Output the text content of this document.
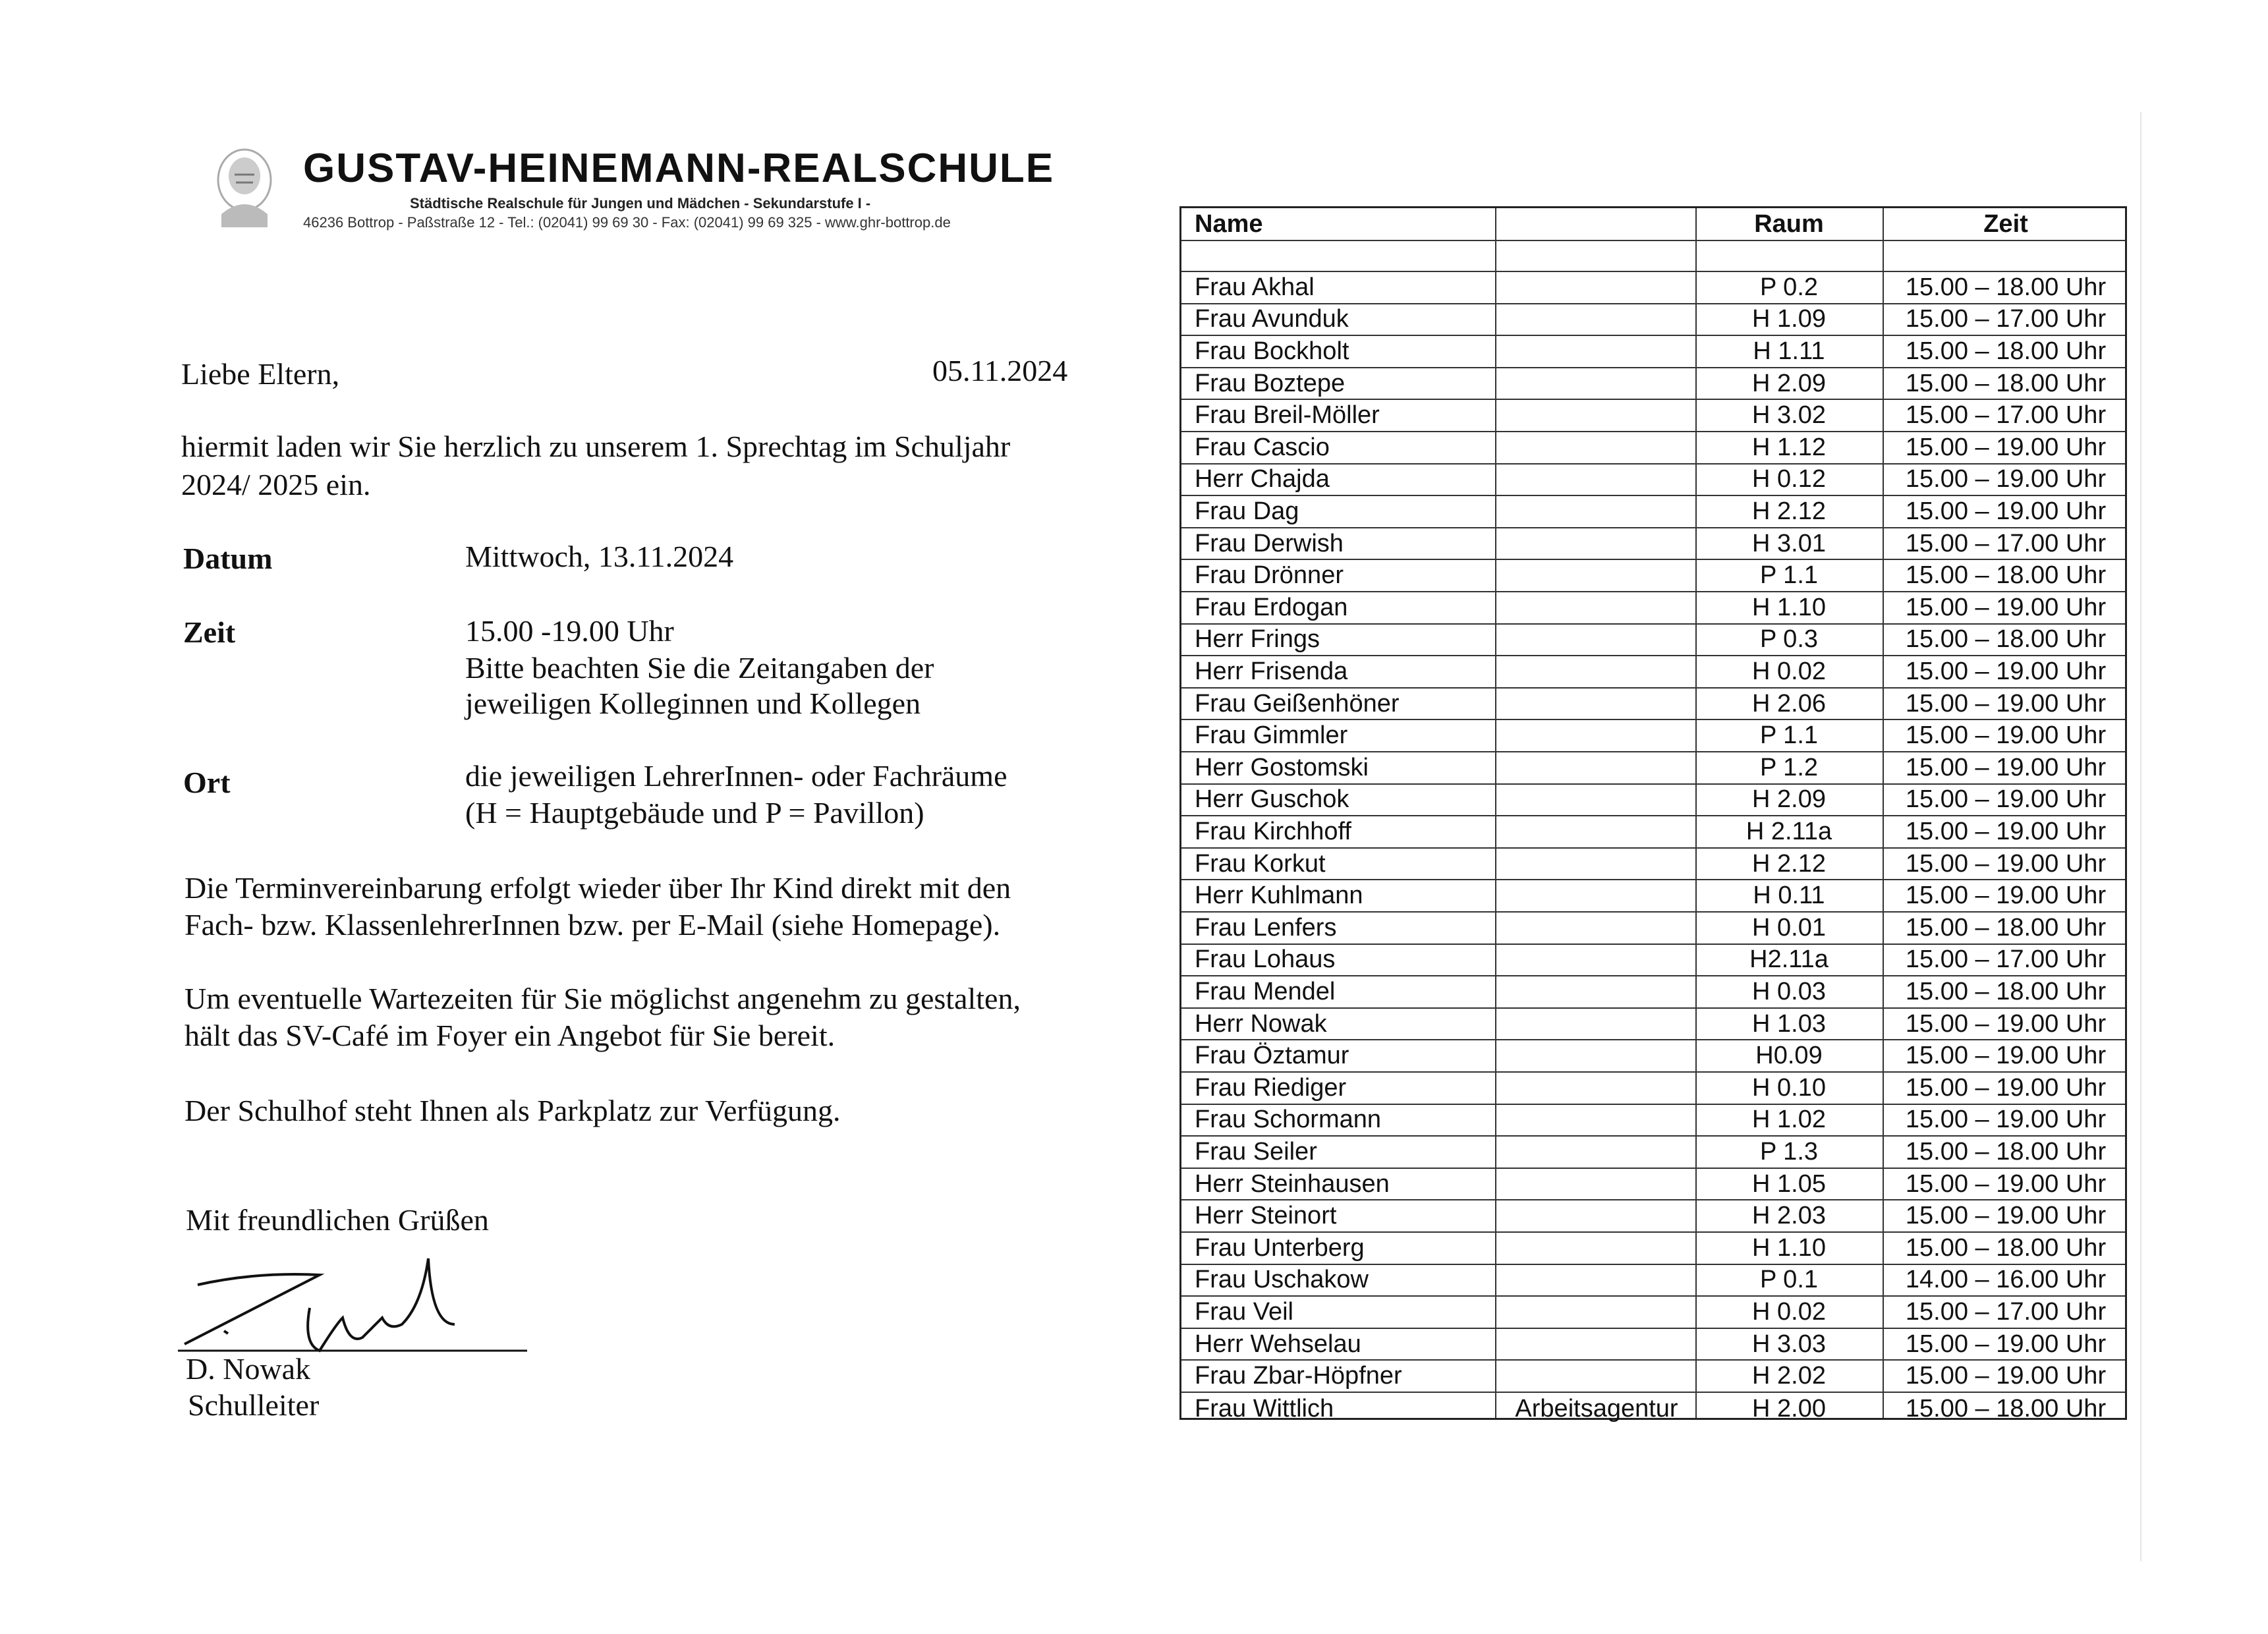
GUSTAV-HEINEMANN-REALSCHULE
Städtische Realschule für Jungen und Mädchen - Sekundarstufe I -
46236 Bottrop - Paßstraße 12 - Tel.: (02041) 99 69 30 - Fax: (02041) 99 69 325 - www.ghr-bottrop.de
Liebe Eltern,	05.11.2024
hiermit laden wir Sie herzlich zu unserem 1. Sprechtag im Schuljahr
2024/ 2025 ein.
Datum	Mittwoch, 13.11.2024
Zeit	15.00 -19.00 Uhr
Bitte beachten Sie die Zeitangaben der
jeweiligen Kolleginnen und Kollegen
Ort	die jeweiligen LehrerInnen- oder Fachräume
(H = Hauptgebäude und P = Pavillon)
Die Terminvereinbarung erfolgt wieder über Ihr Kind direkt mit den
Fach- bzw. KlassenlehrerInnen bzw. per E-Mail (siehe Homepage).
Um eventuelle Wartezeiten für Sie möglichst angenehm zu gestalten,
hält das SV-Café im Foyer ein Angebot für Sie bereit.
Der Schulhof steht Ihnen als Parkplatz zur Verfügung.
Mit freundlichen Grüßen
D. Nowak
Schulleiter
Name	Raum	Zeit
Frau Akhal	P 0.2	15.00 – 18.00 Uhr
Frau Avunduk	H 1.09	15.00 – 17.00 Uhr
Frau Bockholt	H 1.11	15.00 – 18.00 Uhr
Frau Boztepe	H 2.09	15.00 – 18.00 Uhr
Frau Breil-Möller	H 3.02	15.00 – 17.00 Uhr
Frau Cascio	H 1.12	15.00 – 19.00 Uhr
Herr Chajda	H 0.12	15.00 – 19.00 Uhr
Frau Dag	H 2.12	15.00 – 19.00 Uhr
Frau Derwish	H 3.01	15.00 – 17.00 Uhr
Frau Drönner	P 1.1	15.00 – 18.00 Uhr
Frau Erdogan	H 1.10	15.00 – 19.00 Uhr
Herr Frings	P 0.3	15.00 – 18.00 Uhr
Herr Frisenda	H 0.02	15.00 – 19.00 Uhr
Frau Geißenhöner	H 2.06	15.00 – 19.00 Uhr
Frau Gimmler	P 1.1	15.00 – 19.00 Uhr
Herr Gostomski	P 1.2	15.00 – 19.00 Uhr
Herr Guschok	H 2.09	15.00 – 19.00 Uhr
Frau Kirchhoff	H 2.11a	15.00 – 19.00 Uhr
Frau Korkut	H 2.12	15.00 – 19.00 Uhr
Herr Kuhlmann	H 0.11	15.00 – 19.00 Uhr
Frau Lenfers	H 0.01	15.00 – 18.00 Uhr
Frau Lohaus	H2.11a	15.00 – 17.00 Uhr
Frau Mendel	H 0.03	15.00 – 18.00 Uhr
Herr Nowak	H 1.03	15.00 – 19.00 Uhr
Frau Öztamur	H0.09	15.00 – 19.00 Uhr
Frau Riediger	H 0.10	15.00 – 19.00 Uhr
Frau Schormann	H 1.02	15.00 – 19.00 Uhr
Frau Seiler	P 1.3	15.00 – 18.00 Uhr
Herr Steinhausen	H 1.05	15.00 – 19.00 Uhr
Herr Steinort	H 2.03	15.00 – 19.00 Uhr
Frau Unterberg	H 1.10	15.00 – 18.00 Uhr
Frau Uschakow	P 0.1	14.00 – 16.00 Uhr
Frau Veil	H 0.02	15.00 – 17.00 Uhr
Herr Wehselau	H 3.03	15.00 – 19.00 Uhr
Frau Zbar-Höpfner	H 2.02	15.00 – 19.00 Uhr
Frau Wittlich	Arbeitsagentur	H 2.00	15.00 – 18.00 Uhr
